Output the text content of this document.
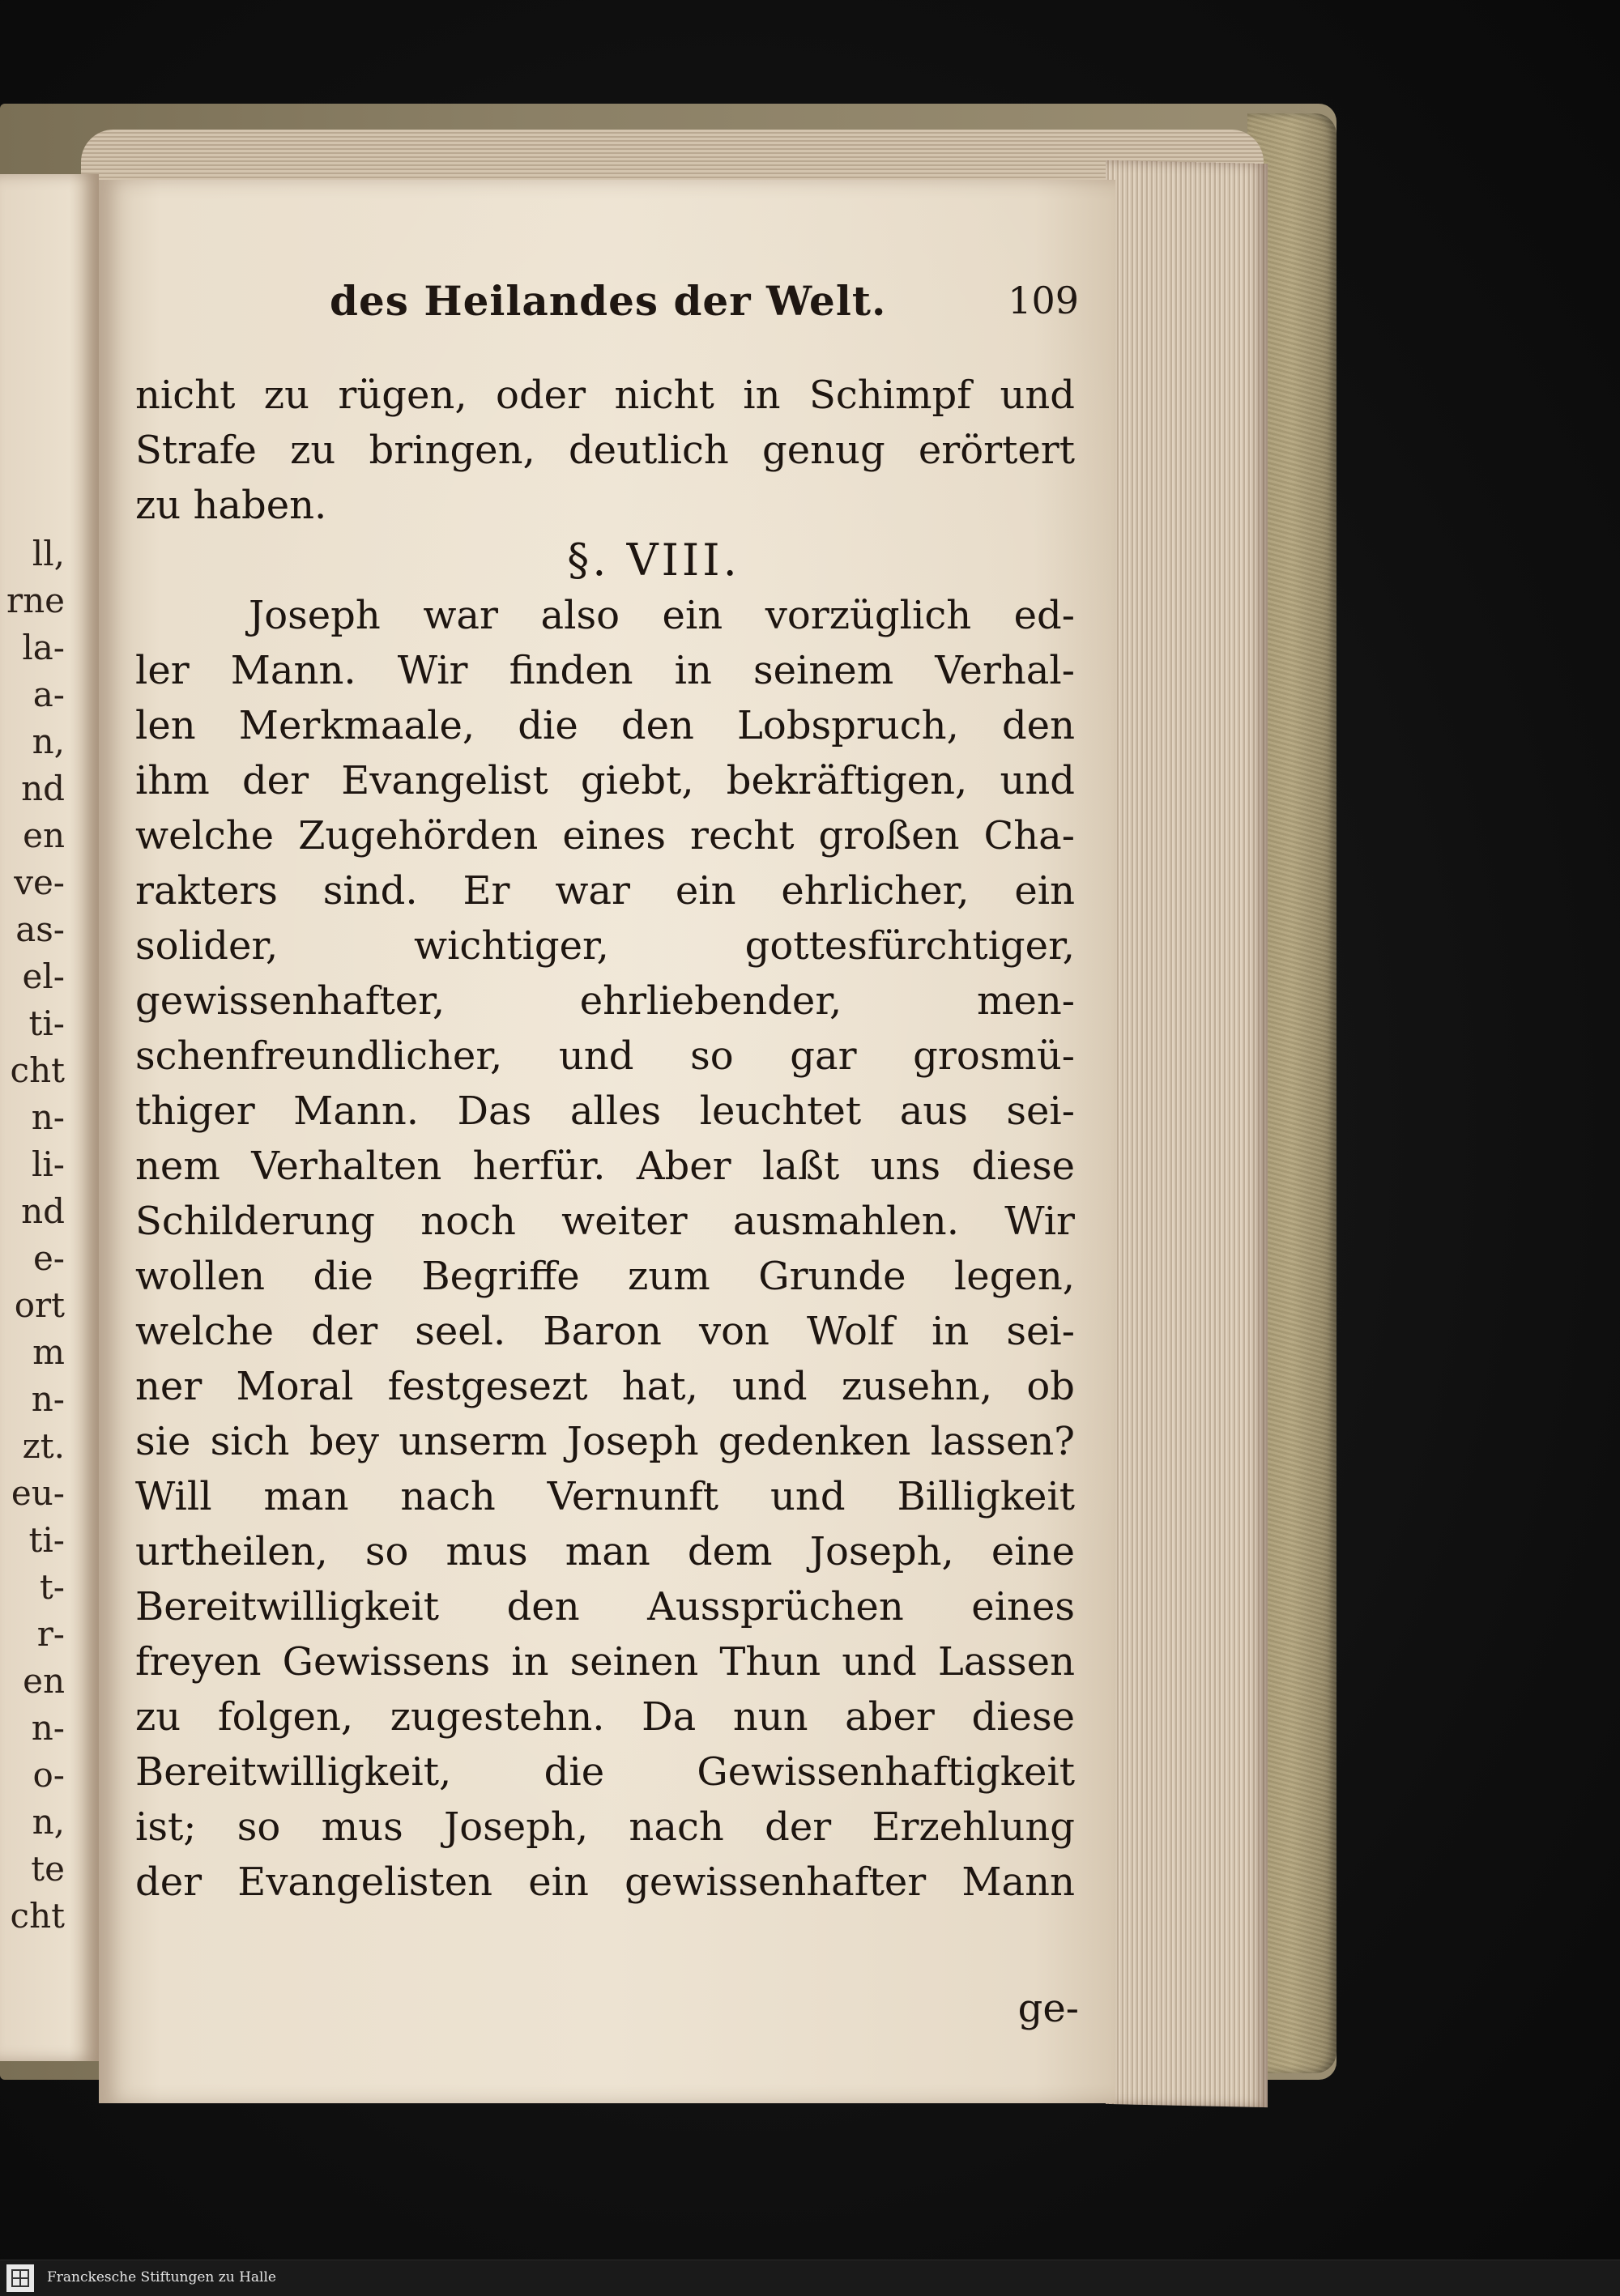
ll,
rne
la-
a-
n,
nd
en
ve-
as-
el-
ti-
cht
n-
li-
nd
e-
ort
m
n-
zt.
eu-
ti-
t-
r-
en
n-
o-
n,
te
cht
des Heilandes der Welt.	109
nicht zu rügen, oder nicht in Schimpf und
Strafe zu bringen, deutlich genug erörtert
zu haben.
§. VIII.
Joseph war also ein vorzüglich ed-
ler Mann. Wir finden in seinem Verhal-
len Merkmaale, die den Lobspruch, den
ihm der Evangelist giebt, bekräftigen, und
welche Zugehörden eines recht großen Cha-
rakters sind. Er war ein ehrlicher, ein
solider, wichtiger, gottesfürchtiger,
gewissenhafter, ehrliebender, men-
schenfreundlicher, und so gar grosmü-
thiger Mann. Das alles leuchtet aus sei-
nem Verhalten herfür. Aber laßt uns diese
Schilderung noch weiter ausmahlen. Wir
wollen die Begriffe zum Grunde legen,
welche der seel. Baron von Wolf in sei-
ner Moral festgesezt hat, und zusehn, ob
sie sich bey unserm Joseph gedenken lassen?
Will man nach Vernunft und Billigkeit
urtheilen, so mus man dem Joseph, eine
Bereitwilligkeit den Aussprüchen eines
freyen Gewissens in seinen Thun und Lassen
zu folgen, zugestehn. Da nun aber diese
Bereitwilligkeit, die Gewissenhaftigkeit
ist; so mus Joseph, nach der Erzehlung
der Evangelisten ein gewissenhafter Mann
ge-
Franckesche Stiftungen zu Halle
